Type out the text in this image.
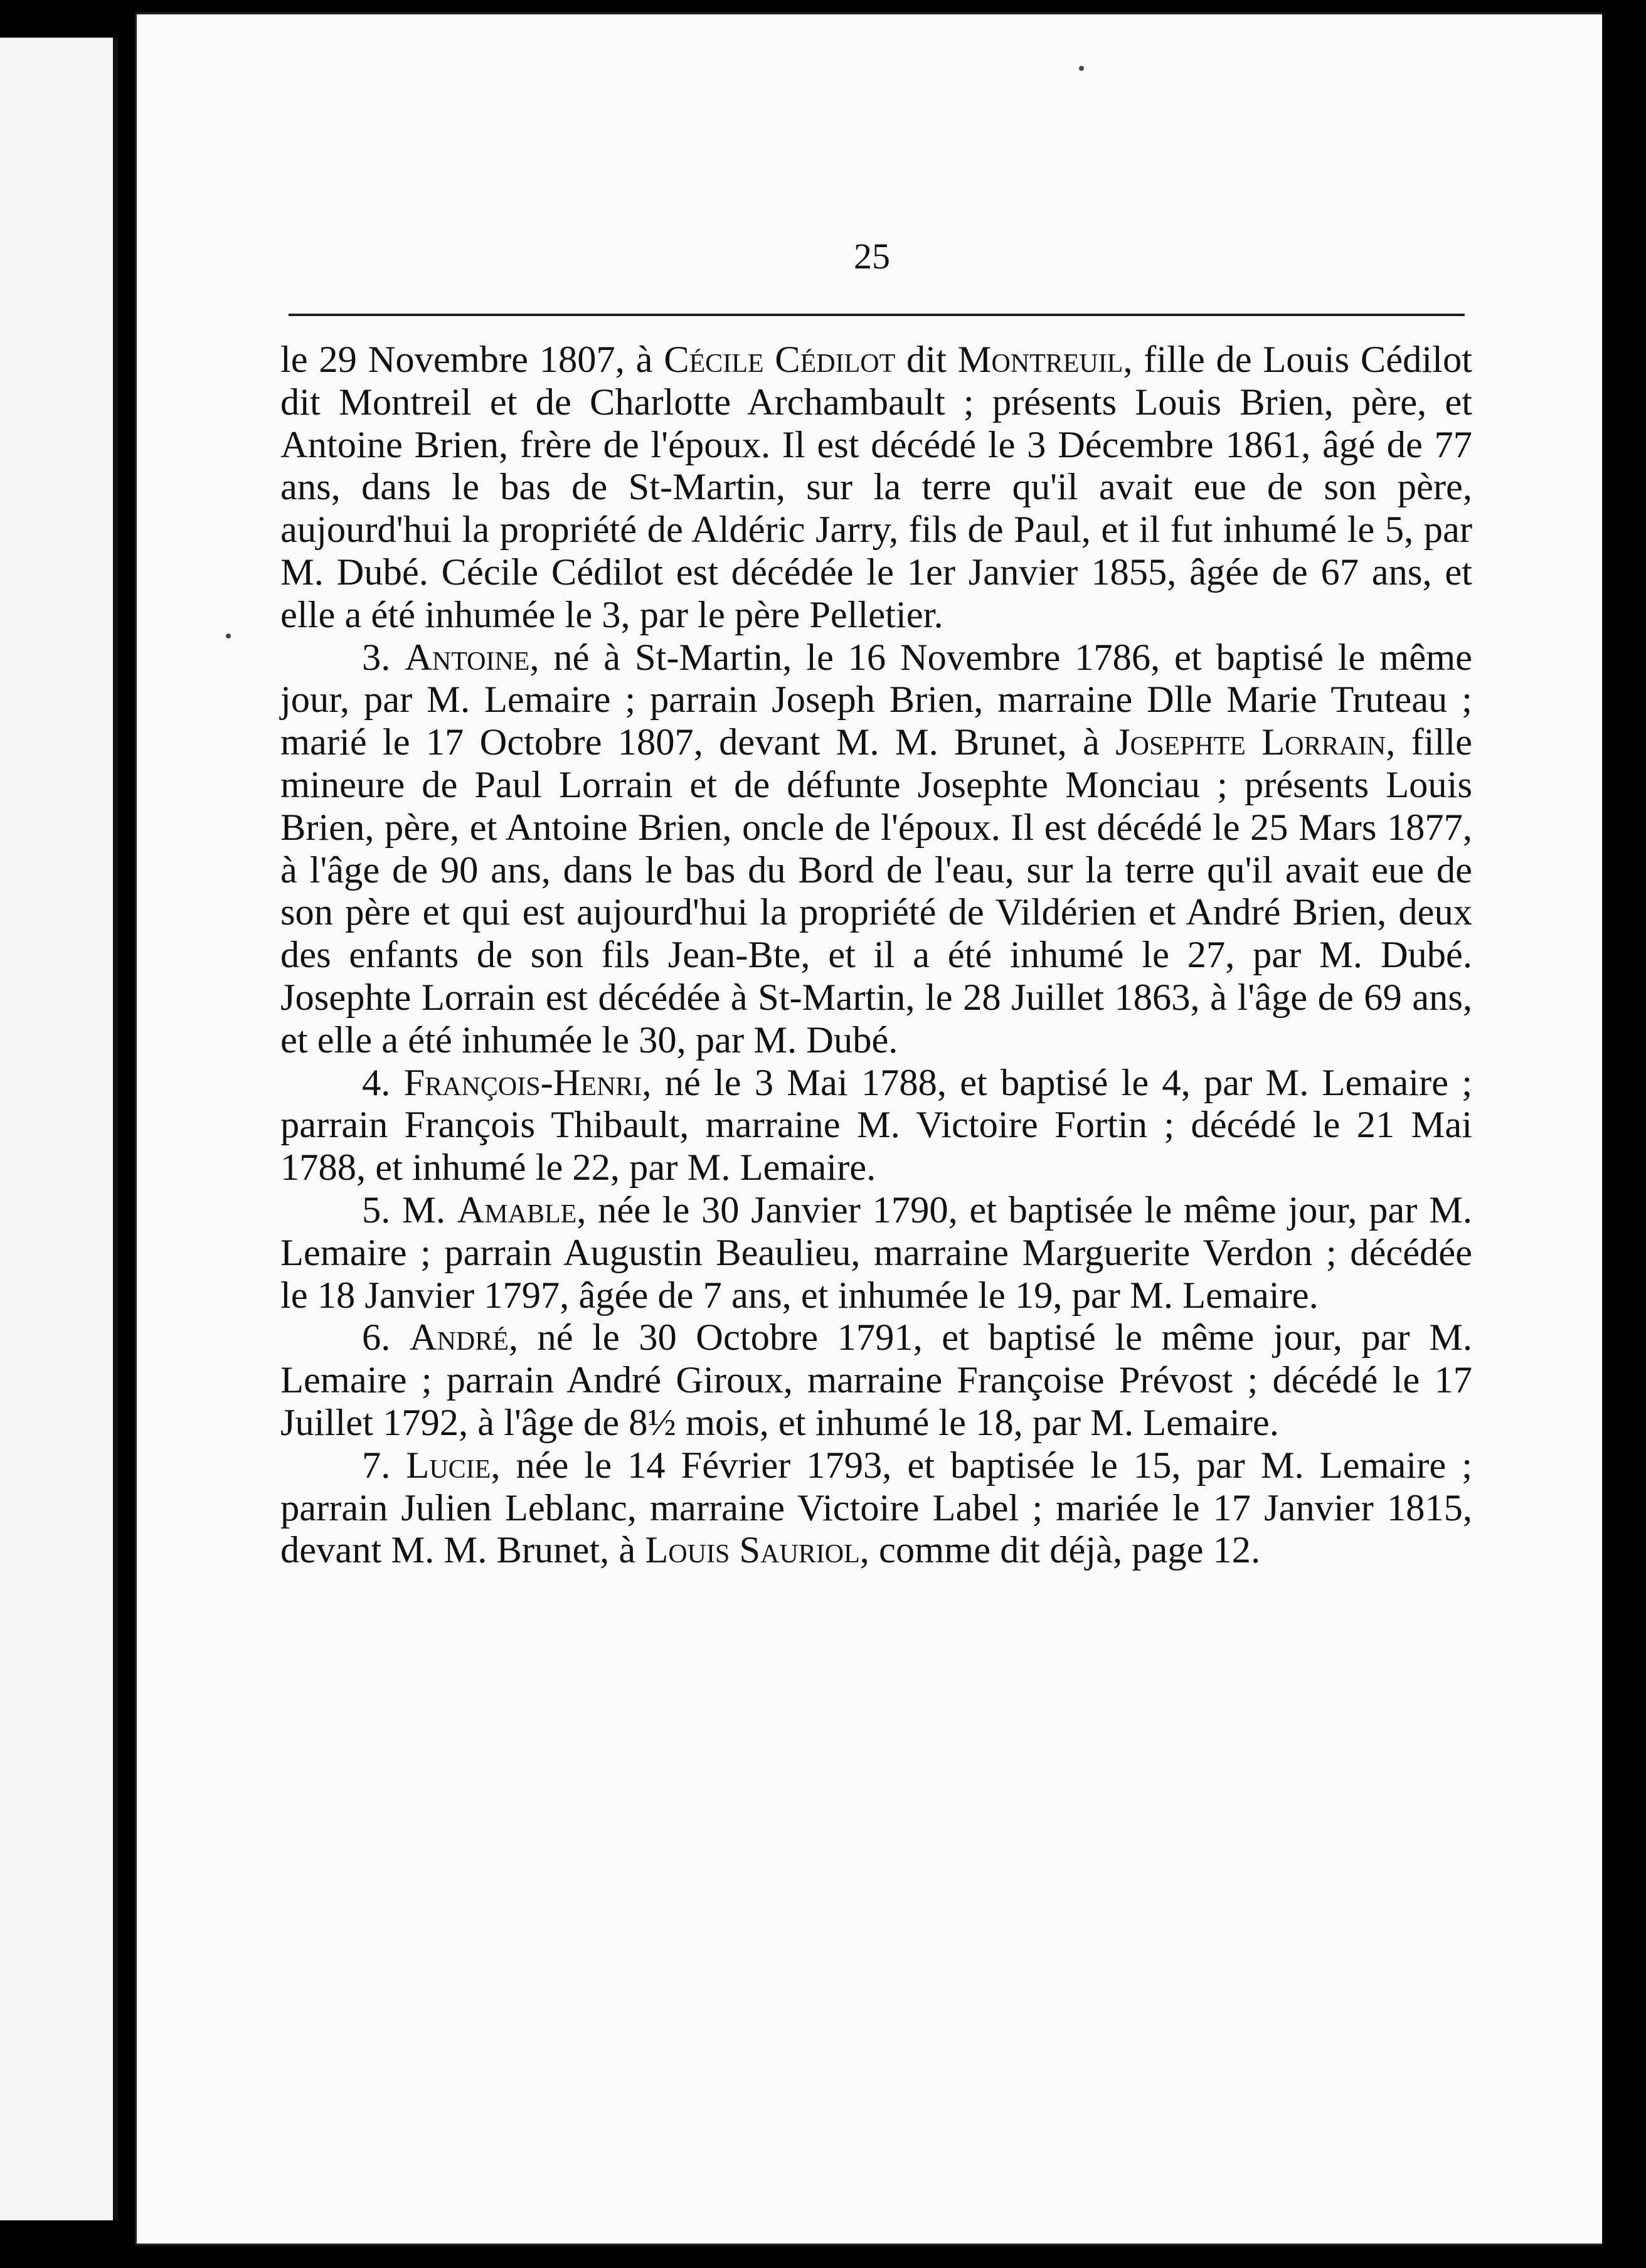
25

le 29 Novembre 1807, à Cécile Cédilot dit Montreuil, fille de Louis Cédilot dit Montreil et de Charlotte Archambault ; présents Louis Brien, père, et Antoine Brien, frère de l'époux. Il est décédé le 3 Décembre 1861, âgé de 77 ans, dans le bas de St-Martin, sur la terre qu'il avait eue de son père, aujourd'hui la propriété de Aldéric Jarry, fils de Paul, et il fut inhumé le 5, par M. Dubé. Cécile Cédilot est décédée le 1er Janvier 1855, âgée de 67 ans, et elle a été inhumée le 3, par le père Pelletier.

3. Antoine, né à St-Martin, le 16 Novembre 1786, et baptisé le même jour, par M. Lemaire ; parrain Joseph Brien, marraine Dlle Marie Truteau ; marié le 17 Octobre 1807, devant M. M. Brunet, à Josephte Lorrain, fille mineure de Paul Lorrain et de défunte Josephte Monciau ; présents Louis Brien, père, et Antoine Brien, oncle de l'époux. Il est décédé le 25 Mars 1877, à l'âge de 90 ans, dans le bas du Bord de l'eau, sur la terre qu'il avait eue de son père et qui est aujourd'hui la propriété de Vildérien et André Brien, deux des enfants de son fils Jean-Bte, et il a été inhumé le 27, par M. Dubé. Josephte Lorrain est décédée à St-Martin, le 28 Juillet 1863, à l'âge de 69 ans, et elle a été inhumée le 30, par M. Dubé.

4. François-Henri, né le 3 Mai 1788, et baptisé le 4, par M. Lemaire ; parrain François Thibault, marraine M. Victoire Fortin ; décédé le 21 Mai 1788, et inhumé le 22, par M. Lemaire.

5. M. Amable, née le 30 Janvier 1790, et baptisée le même jour, par M. Lemaire ; parrain Augustin Beaulieu, marraine Marguerite Verdon ; décédée le 18 Janvier 1797, âgée de 7 ans, et inhumée le 19, par M. Lemaire.

6. André, né le 30 Octobre 1791, et baptisé le même jour, par M. Lemaire ; parrain André Giroux, marraine Françoise Prévost ; décédé le 17 Juillet 1792, à l'âge de 8½ mois, et inhumé le 18, par M. Lemaire.

7. Lucie, née le 14 Février 1793, et baptisée le 15, par M. Lemaire ; parrain Julien Leblanc, marraine Victoire Label ; mariée le 17 Janvier 1815, devant M. M. Brunet, à Louis Sauriol, comme dit déjà, page 12.
